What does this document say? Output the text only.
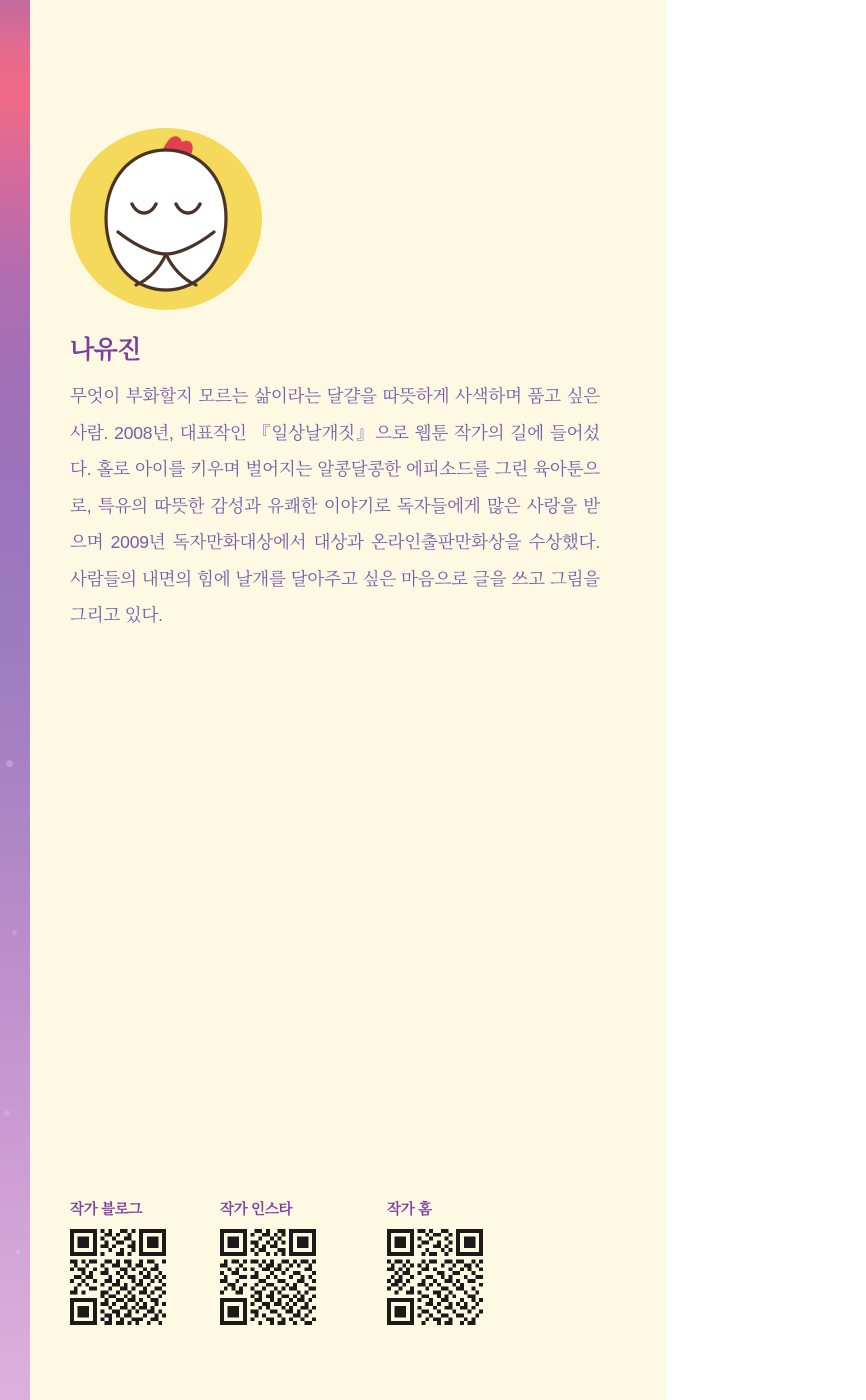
나유진
무엇이 부화할지 모르는 삶이라는 달걀을 따뜻하게 사색하며 품고 싶은 사람. 2008년, 대표작인 『일상날개짓』으로 웹툰 작가의 길에 들어섰다. 홀로 아이를 키우며 벌어지는 알콩달콩한 에피소드를 그린 육아툰으로, 특유의 따뜻한 감성과 유쾌한 이야기로 독자들에게 많은 사랑을 받으며 2009년 독자만화대상에서 대상과 온라인출판만화상을 수상했다. 사람들의 내면의 힘에 날개를 달아주고 싶은 마음으로 글을 쓰고 그림을 그리고 있다.
작가 블로그	작가 인스타	작가 홈
